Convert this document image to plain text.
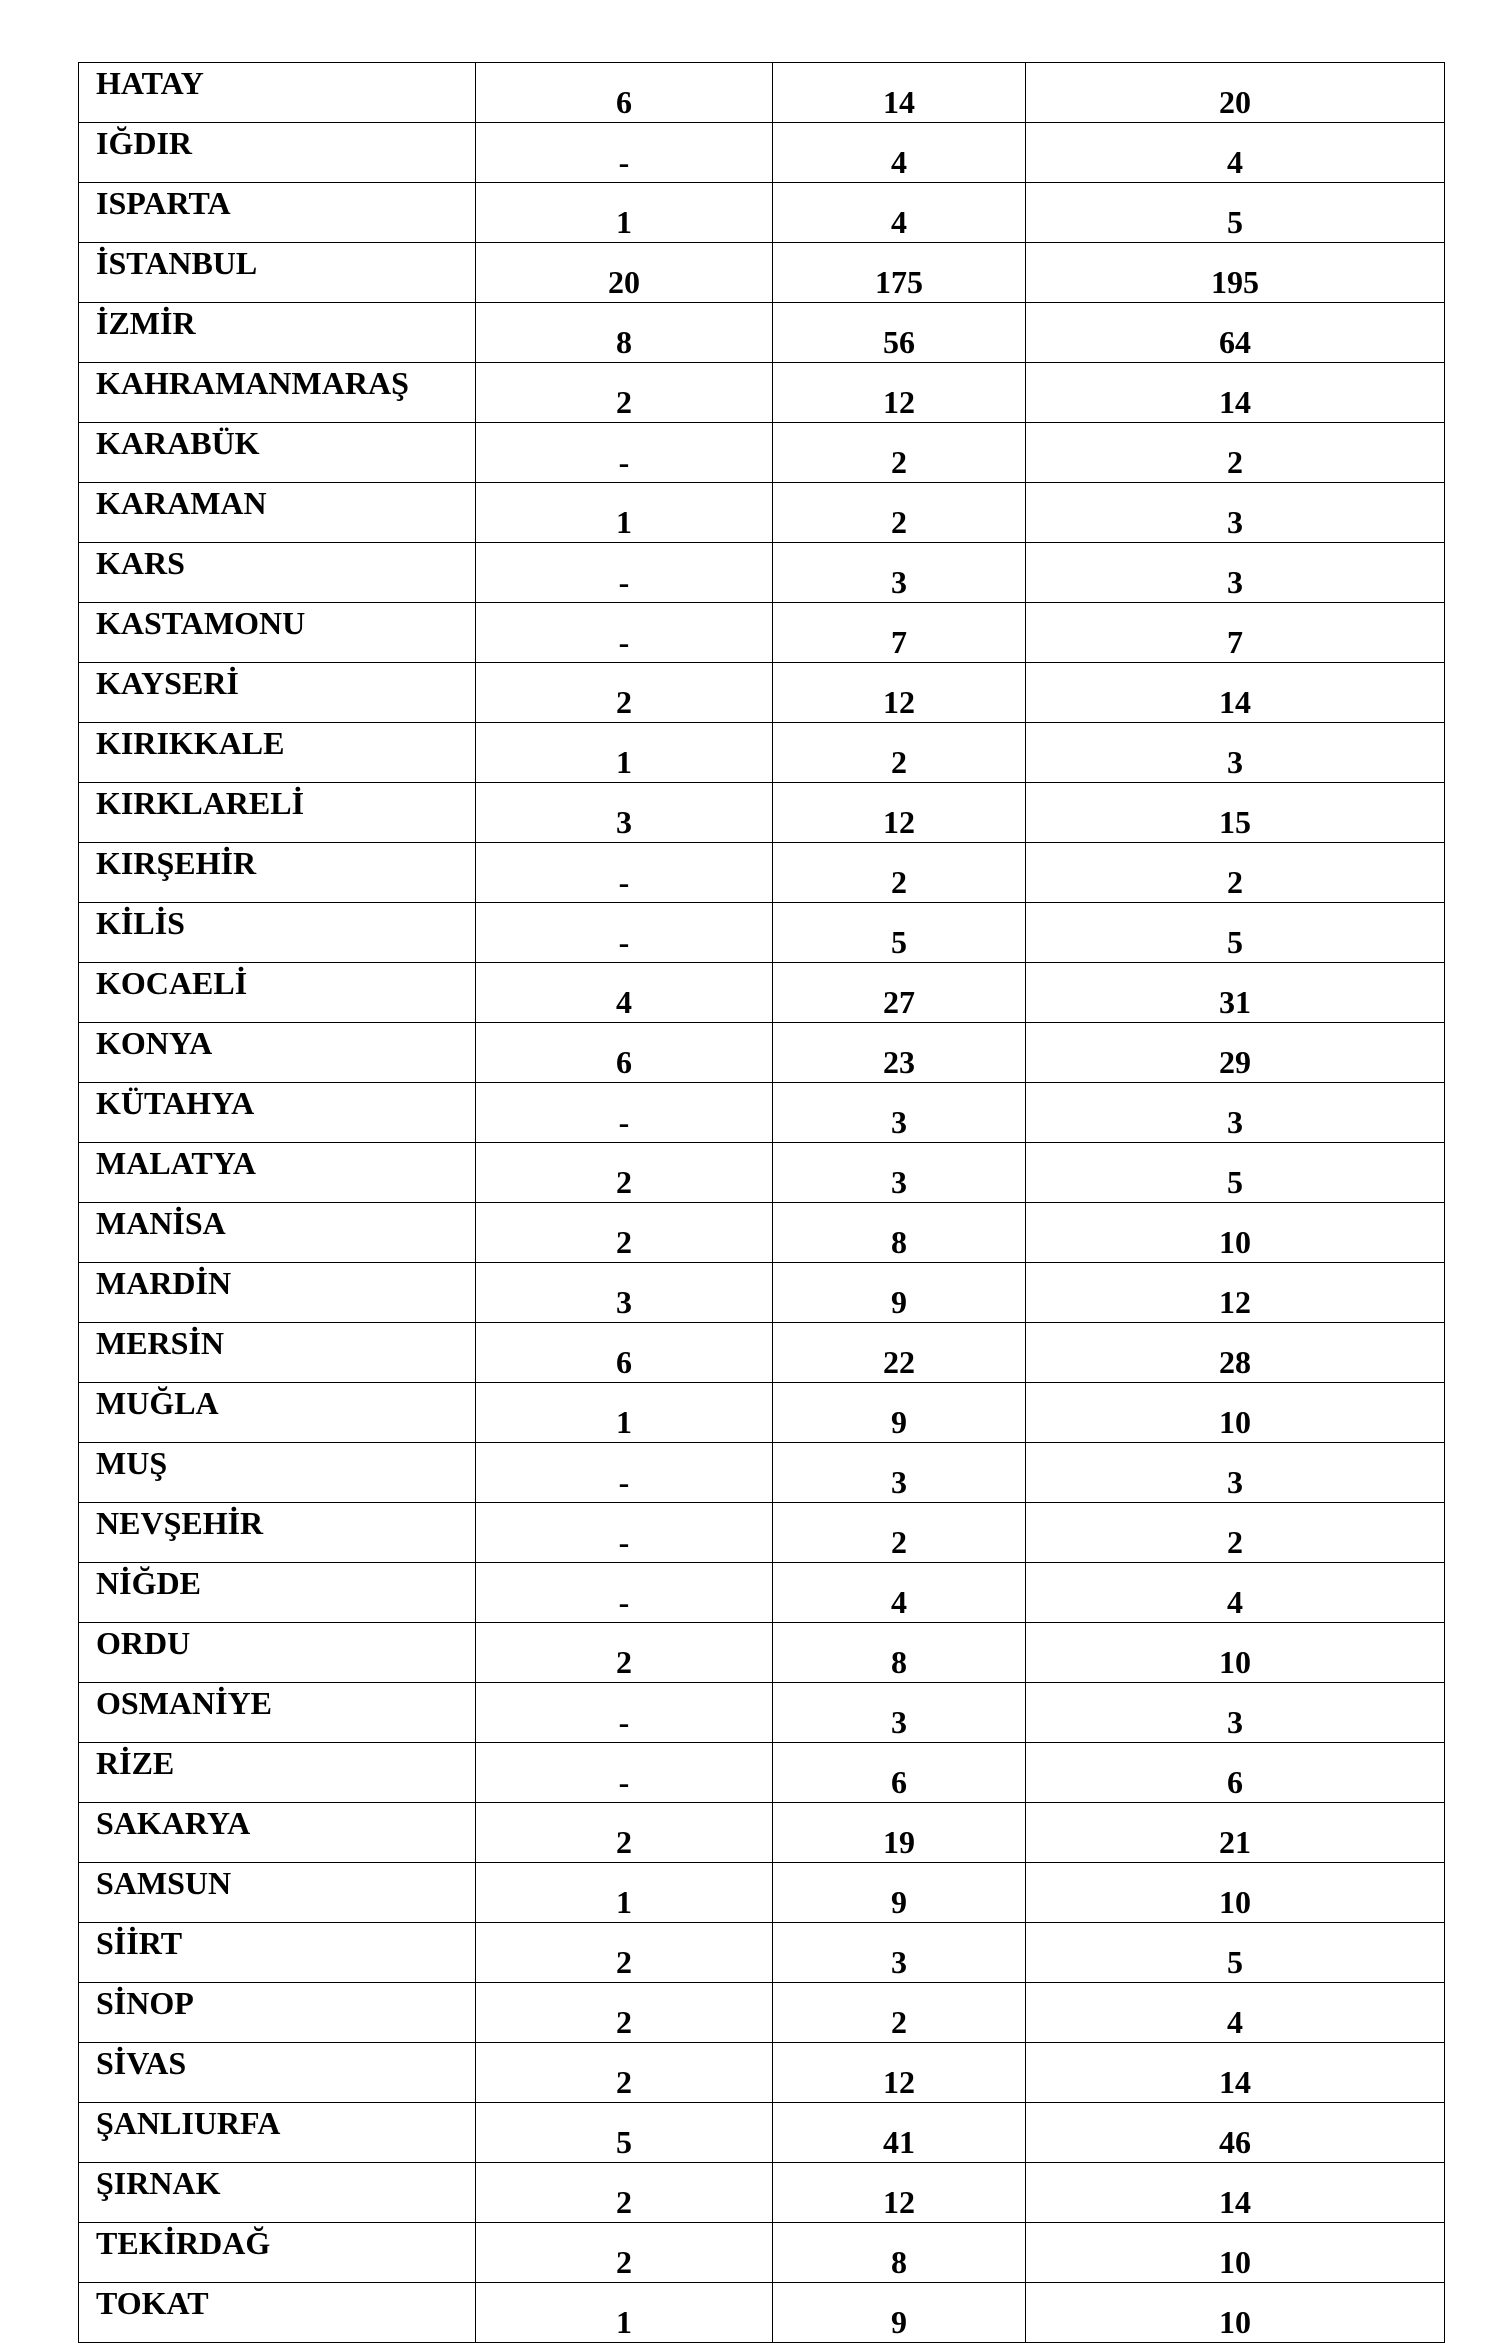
HATAY	6	14	20
IĞDIR	-	4	4
ISPARTA	1	4	5
İSTANBUL	20	175	195
İZMİR	8	56	64
KAHRAMANMARAŞ	2	12	14
KARABÜK	-	2	2
KARAMAN	1	2	3
KARS	-	3	3
KASTAMONU	-	7	7
KAYSERİ	2	12	14
KIRIKKALE	1	2	3
KIRKLARELİ	3	12	15
KIRŞEHİR	-	2	2
KİLİS	-	5	5
KOCAELİ	4	27	31
KONYA	6	23	29
KÜTAHYA	-	3	3
MALATYA	2	3	5
MANİSA	2	8	10
MARDİN	3	9	12
MERSİN	6	22	28
MUĞLA	1	9	10
MUŞ	-	3	3
NEVŞEHİR	-	2	2
NİĞDE	-	4	4
ORDU	2	8	10
OSMANİYE	-	3	3
RİZE	-	6	6
SAKARYA	2	19	21
SAMSUN	1	9	10
SİİRT	2	3	5
SİNOP	2	2	4
SİVAS	2	12	14
ŞANLIURFA	5	41	46
ŞIRNAK	2	12	14
TEKİRDAĞ	2	8	10
TOKAT	1	9	10
